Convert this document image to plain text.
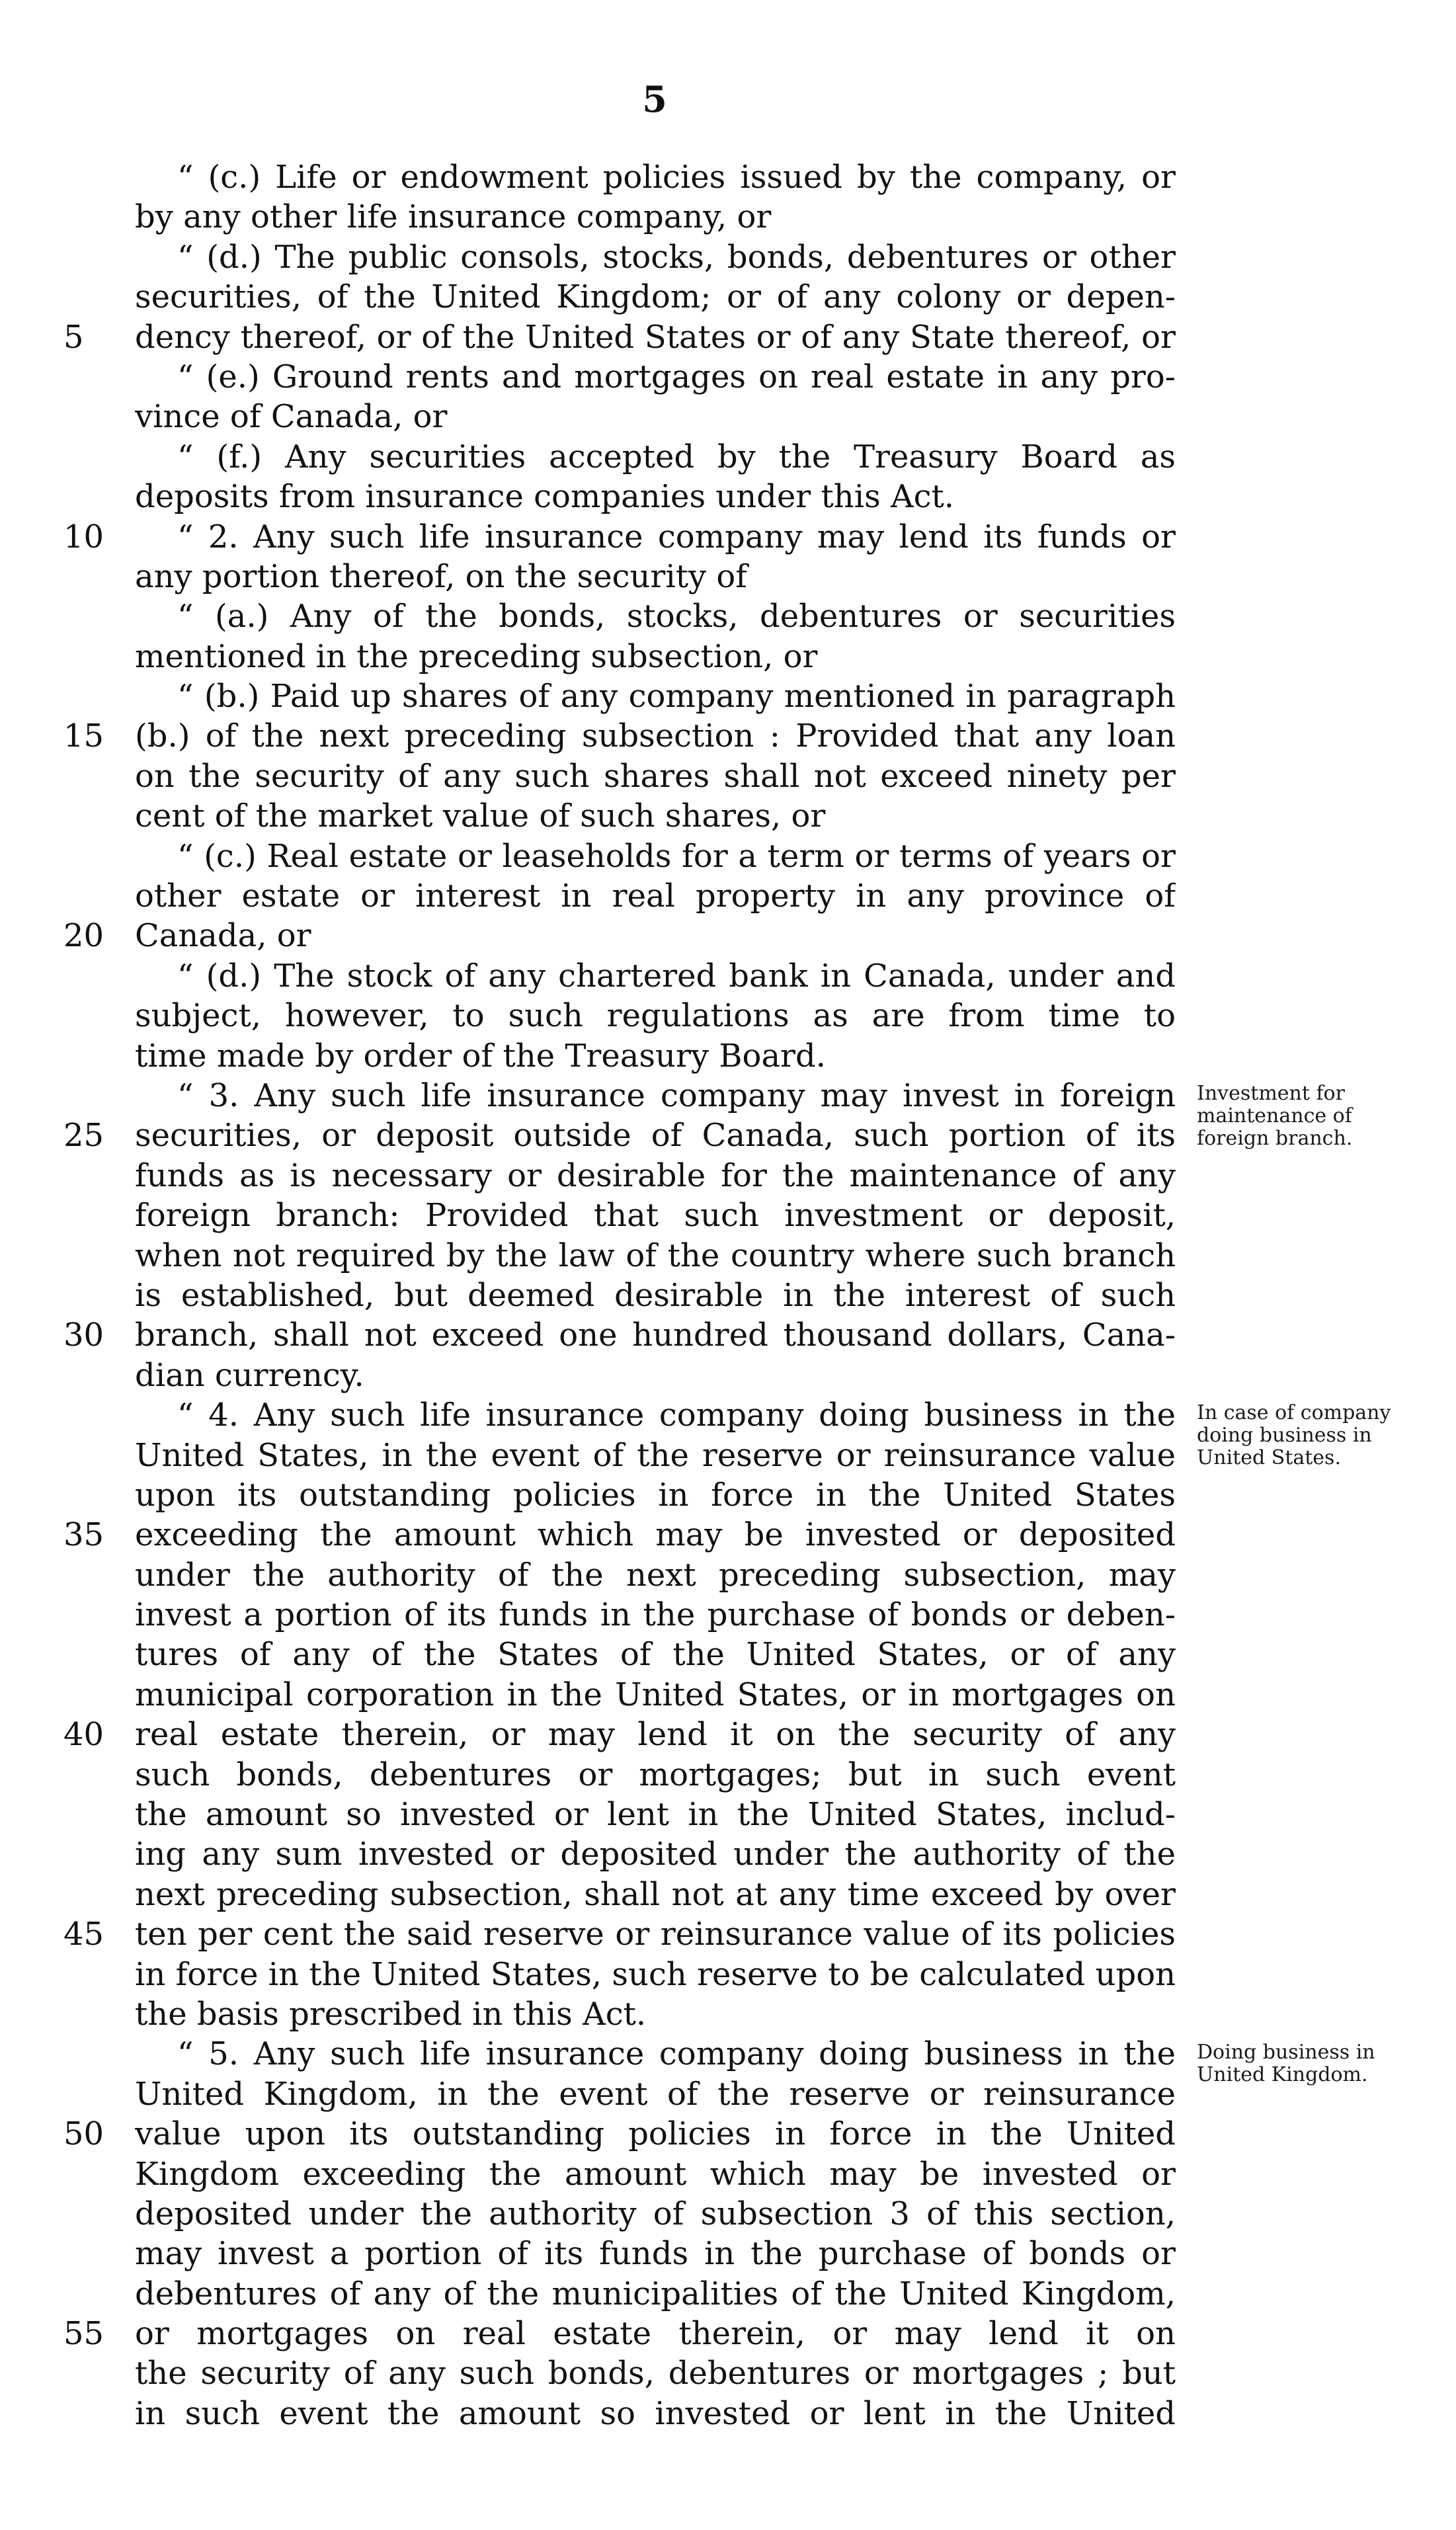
5
“ (c.) Life or endowment policies issued by the company, or
by any other life insurance company, or
“ (d.) The public consols, stocks, bonds, debentures or other
securities, of the United Kingdom; or of any colony or depen-
5	dency thereof, or of the United States or of any State thereof, or
“ (e.) Ground rents and mortgages on real estate in any pro-
vince of Canada, or
“ (f.) Any securities accepted by the Treasury Board as
deposits from insurance companies under this Act.
10	“ 2. Any such life insurance company may lend its funds or
any portion thereof, on the security of
“ (a.) Any of the bonds, stocks, debentures or securities
mentioned in the preceding subsection, or
“ (b.) Paid up shares of any company mentioned in paragraph
15 (b.) of the next preceding subsection : Provided that any loan
on the security of any such shares shall not exceed ninety per
cent of the market value of such shares, or
“ (c.) Real estate or leaseholds for a term or terms of years or
other estate or interest in real property in any province of
20 Canada, or
“ (d.) The stock of any chartered bank in Canada, under and
subject, however, to such regulations as are from time to
time made by order of the Treasury Board.
“ 3. Any such life insurance company may invest in foreign
25 securities, or deposit outside of Canada, such portion of its
funds as is necessary or desirable for the maintenance of any
foreign branch: Provided that such investment or deposit,
when not required by the law of the country where such branch
is established, but deemed desirable in the interest of such
30 branch, shall not exceed one hundred thousand dollars, Cana-
dian currency.
“ 4. Any such life insurance company doing business in the
United States, in the event of the reserve or reinsurance value
upon its outstanding policies in force in the United States
35 exceeding the amount which may be invested or deposited
under the authority of the next preceding subsection, may
invest a portion of its funds in the purchase of bonds or deben-
tures of any of the States of the United States, or of any
municipal corporation in the United States, or in mortgages on
40 real estate therein, or may lend it on the security of any
such bonds, debentures or mortgages; but in such event
the amount so invested or lent in the United States, includ-
ing any sum invested or deposited under the authority of the
next preceding subsection, shall not at any time exceed by over
45 ten per cent the said reserve or reinsurance value of its policies
in force in the United States, such reserve to be calculated upon
the basis prescribed in this Act.
“ 5. Any such life insurance company doing business in the
United Kingdom, in the event of the reserve or reinsurance
50 value upon its outstanding policies in force in the United
Kingdom exceeding the amount which may be invested or
deposited under the authority of subsection 3 of this section,
may invest a portion of its funds in the purchase of bonds or
debentures of any of the municipalities of the United Kingdom,
55 or mortgages on real estate therein, or may lend it on
the security of any such bonds, debentures or mortgages ; but
in such event the amount so invested or lent in the United
Investment for maintenance of foreign branch.
In case of company doing business in United States.
Doing business in United Kingdom.
